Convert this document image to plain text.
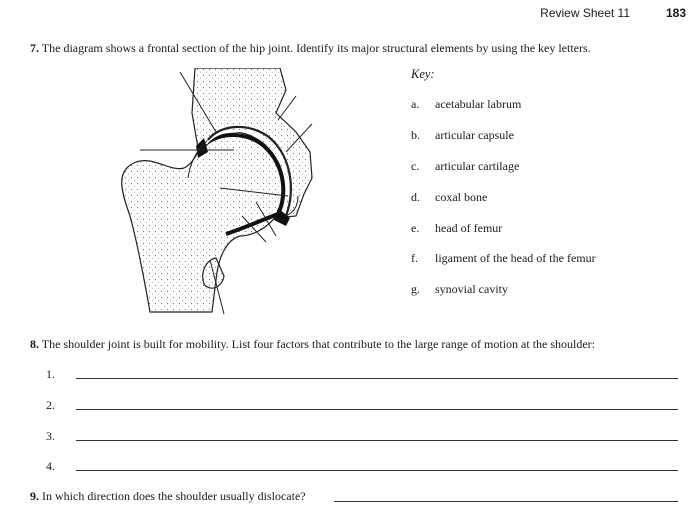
Review Sheet 11	183
7. The diagram shows a frontal section of the hip joint. Identify its major structural elements by using the key letters.
Key:
a. acetabular labrum
b. articular capsule
c. articular cartilage
d. coxal bone
e. head of femur
f. ligament of the head of the femur
g. synovial cavity
8. The shoulder joint is built for mobility. List four factors that contribute to the large range of motion at the shoulder:
1.
2.
3.
4.
9. In which direction does the shoulder usually dislocate?
